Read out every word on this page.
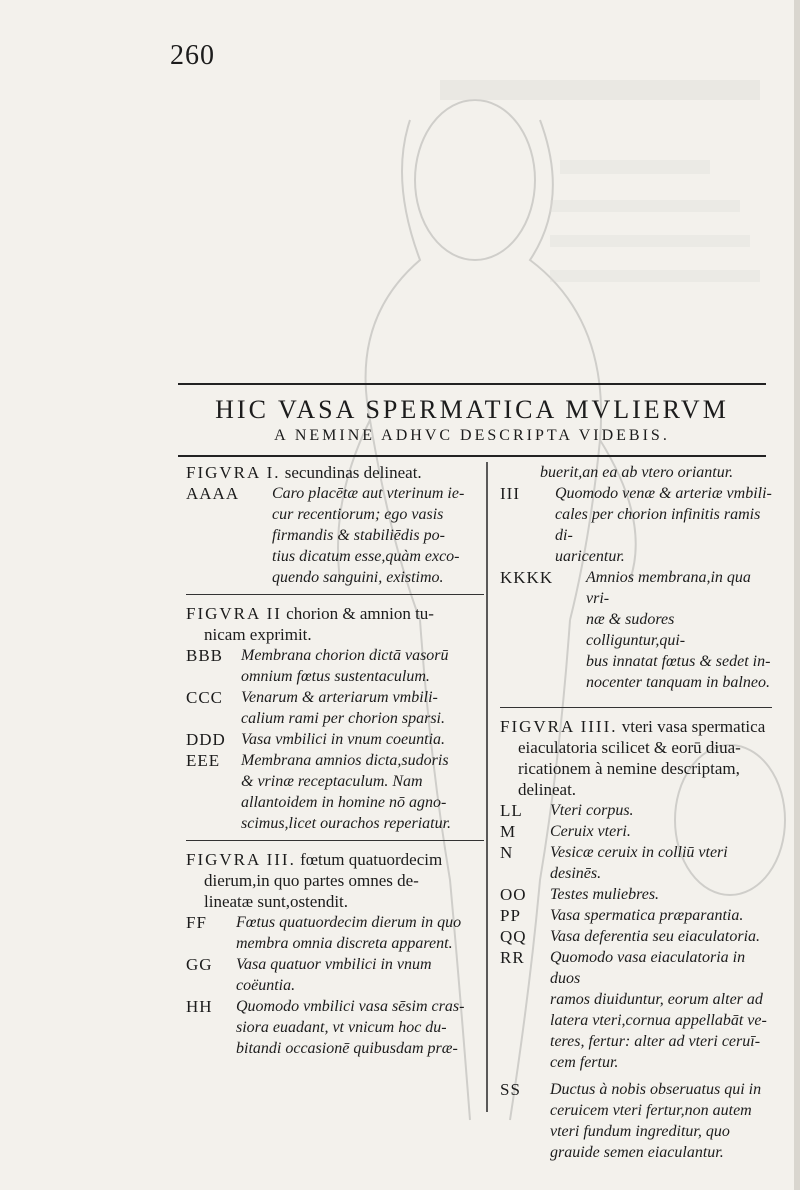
260
HIC VASA SPERMATICA MVLIERVM
A NEMINE ADHVC DESCRIPTA VIDEBIS.

FIGVRA I. secundinas delineat.

AAAA	Caro placētæ aut vterinum ie-
cur recentiorum; ego vasis
firmandis & stabiliēdis po-
tius dicatum esse,quàm exco-
quendo sanguini, existimo.

FIGVRA II chorion & amnion tu-

nicam exprimit.
BBB	Membrana chorion dictā vasorū
omnium fœtus sustentaculum.
CCC	Venarum & arteriarum vmbili-
calium rami per chorion sparsi.
DDD Vasa vmbilici in vnum coeuntia.
EEE	Membrana amnios dicta,sudoris
& vrinæ receptaculum. Nam
allantoidem in homine nō agno-
scimus,licet ourachos reperiatur.

FIGVRA III. fœtum quatuordecim

dierum,in quo partes omnes de-
lineatæ sunt,ostendit.
FF	Fœtus quatuordecim dierum in quo
membra omnia discreta apparent.
GG	Vasa quatuor vmbilici in vnum
coëuntia.
HH	Quomodo vmbilici vasa sēsim cras-
siora euadant, vt vnicum hoc du-
bitandi occasionē quibusdam præ-
buerit,an ea ab vtero oriantur.
III	Quomodo venæ & arteriæ vmbili-
cales per chorion infinitis ramis di-
uaricentur.
KKKK	Amnios membrana,in qua vri-
næ & sudores colliguntur,qui-
bus innatat fœtus & sedet in-
nocenter tanquam in balneo.

FIGVRA IIII. vteri vasa spermatica

eiaculatoria scilicet & eorū diua-
ricationem à nemine descriptam,
delineat.
LL	Vteri corpus.
M	Ceruix vteri.
N	Vesicæ ceruix in colliū vteri desinēs.
OO	Testes muliebres.
PP	Vasa spermatica præparantia.
QQ	Vasa deferentia seu eiaculatoria.
RR	Quomodo vasa eiaculatoria in duos
ramos diuiduntur, eorum alter ad
latera vteri,cornua appellabāt ve-
teres, fertur: alter ad vteri ceruī-
cem fertur.
SS	Ductus à nobis obseruatus qui in
ceruicem vteri fertur,non autem
vteri fundum ingreditur, quo
grauide semen eiaculantur.
